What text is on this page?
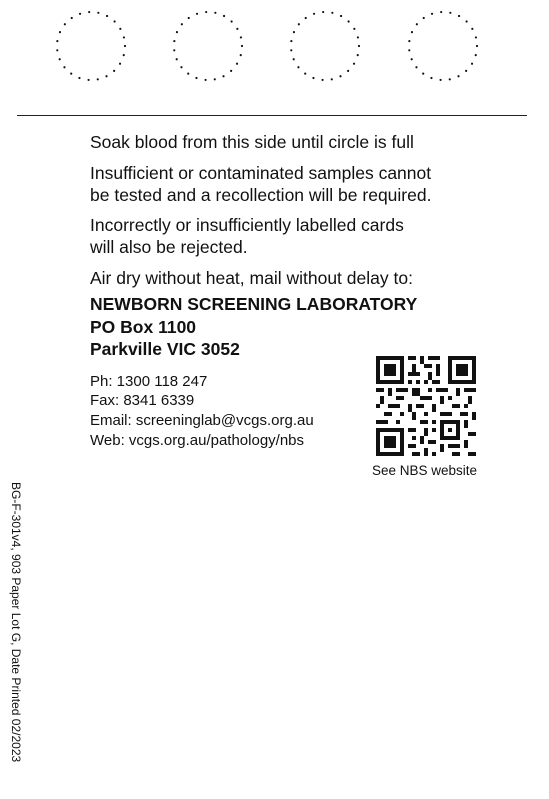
Soak blood from this side until circle is full

Insufficient or contaminated samples cannot

be tested and a recollection will be required.

Incorrectly or insufficiently labelled cards

will also be rejected.

Air dry without heat, mail without delay to:

NEWBORN SCREENING LABORATORY

PO Box 1100

Parkville VIC 3052

Ph: 1300 118 247

Fax: 8341 6339

Email: screeninglab@vcgs.org.au

Web: vcgs.org.au/pathology/nbs

See NBS website
BG-F-301v4, 903 Paper Lot G, Date Printed 02/2023
